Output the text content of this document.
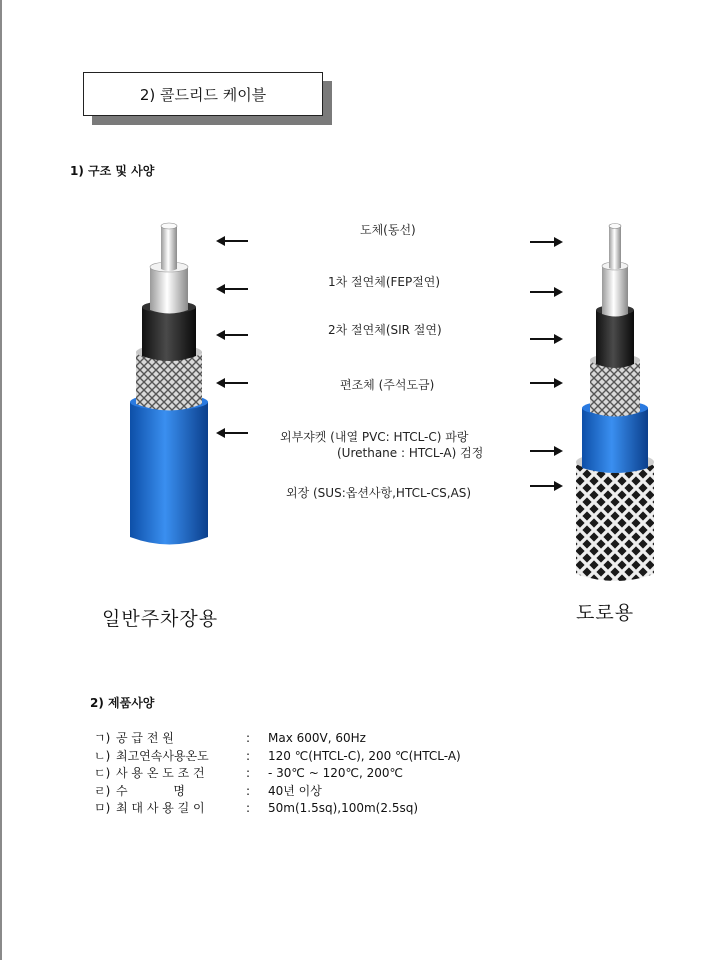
2) 콜드리드 케이블
1) 구조 및 사양
도체(동선)
1차 절연체(FEP절연)
2차 절연체(SIR 절연)
편조체 (주석도금)
외부쟈켓 (내열 PVC: HTCL-C) 파랑
(Urethane : HTCL-A) 검정
외장 (SUS:옵션사항,HTCL-CS,AS)
일반주차장용	도로용
2) 제품사양
ㄱ) 공 급 전 원	:	Max 600V, 60Hz
ㄴ) 최고연속사용온도	:	120 ℃(HTCL-C), 200 ℃(HTCL-A)
ㄷ) 사 용 온 도 조 건	:	- 30℃ ~ 120℃, 200℃
ㄹ) 수            명	:	40년 이상
ㅁ) 최 대 사 용 길 이	:	50m(1.5sq),100m(2.5sq)
